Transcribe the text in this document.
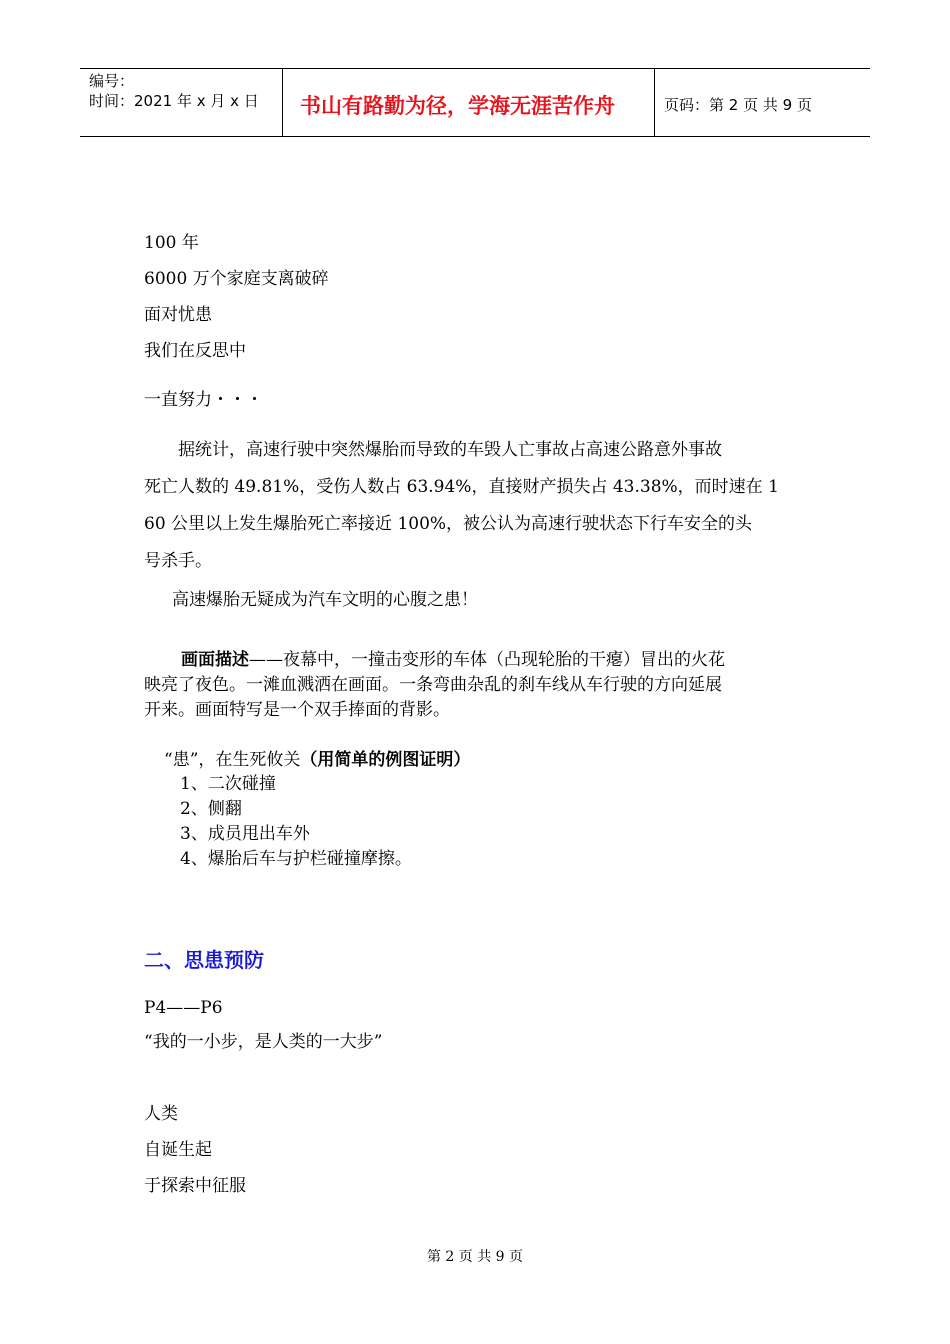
编号：
时间：2021 年 x 月 x 日 书山有路勤为径，学海无涯苦作舟	页码：第 2 页 共 9 页
100 年
6000 万个家庭支离破碎
面对忧患
我们在反思中
一直努力・・・

据统计，高速行驶中突然爆胎而导致的车毁人亡事故占高速公路意外事故

死亡人数的 49.81%，受伤人数占 63.94%，直接财产损失占 43.38%，而时速在 1

60 公里以上发生爆胎死亡率接近 100%，被公认为高速行驶状态下行车安全的头

号杀手。

高速爆胎无疑成为汽车文明的心腹之患！

画面描述——夜幕中，一撞击变形的车体（凸现轮胎的干瘪）冒出的火花

映亮了夜色。一滩血溅洒在画面。一条弯曲杂乱的刹车线从车行驶的方向延展

开来。画面特写是一个双手捧面的背影。

“患”，在生死攸关（用简单的例图证明）
1、二次碰撞
2、侧翻
3、成员甩出车外
4、爆胎后车与护栏碰撞摩擦。
二、思患预防
P4——P6
“我的一小步，是人类的一大步”
人类
自诞生起
于探索中征服
第 2 页 共 9 页
